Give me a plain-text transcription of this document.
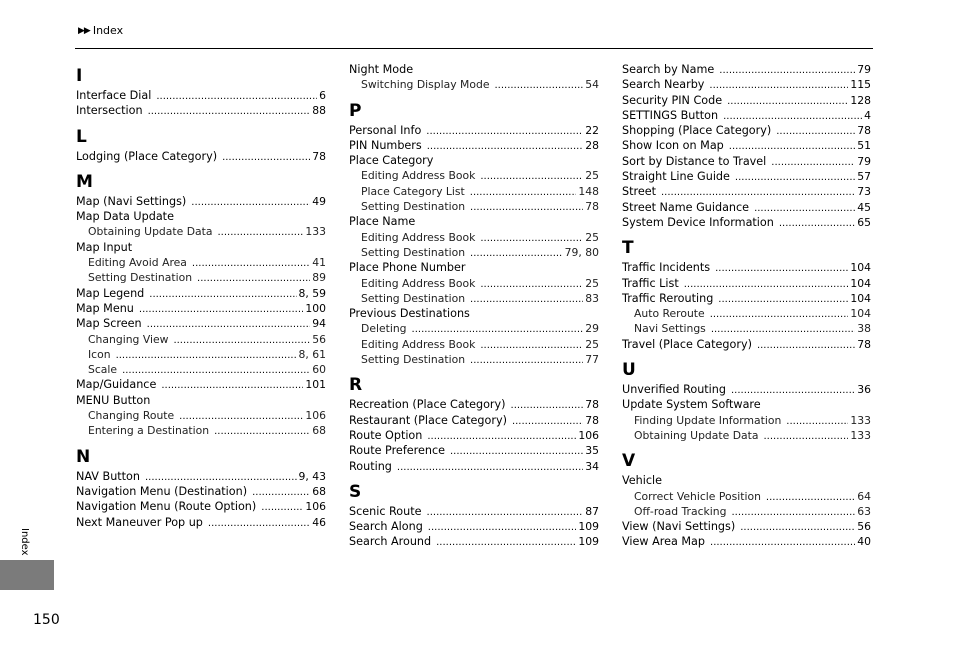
▶▶ Index
I
Interface Dial .....	6
Intersection .....	88
L
Lodging (Place Category) .....	78
M
Map (Navi Settings) .....	49
Map Data Update
Obtaining Update Data .....	133
Map Input
Editing Avoid Area .....	41
Setting Destination .....	89
Map Legend .....	8, 59
Map Menu .....	100
Map Screen .....	94
Changing View .....	56
Icon .....	8, 61
Scale .....	60
Map/Guidance .....	101
MENU Button
Changing Route .....	106
Entering a Destination .....	68
N
NAV Button .....	9, 43
Navigation Menu (Destination) .....	68
Navigation Menu (Route Option) .....	106
Next Maneuver Pop up .....	46
Night Mode
Switching Display Mode .....	54
P
Personal Info .....	22
PIN Numbers .....	28
Place Category
Editing Address Book .....	25
Place Category List .....	148
Setting Destination .....	78
Place Name
Editing Address Book .....	25
Setting Destination .....	79, 80
Place Phone Number
Editing Address Book .....	25
Setting Destination .....	83
Previous Destinations
Deleting .....	29
Editing Address Book .....	25
Setting Destination .....	77
R
Recreation (Place Category) .....	78
Restaurant (Place Category) .....	78
Route Option .....	106
Route Preference .....	35
Routing .....	34
S
Scenic Route .....	87
Search Along .....	109
Search Around .....	109
Search by Name .....	79
Search Nearby .....	115
Security PIN Code .....	128
SETTINGS Button .....	4
Shopping (Place Category) .....	78
Show Icon on Map .....	51
Sort by Distance to Travel .....	79
Straight Line Guide .....	57
Street .....	73
Street Name Guidance .....	45
System Device Information .....	65
T
Traffic Incidents .....	104
Traffic List .....	104
Traffic Rerouting .....	104
Auto Reroute .....	104
Navi Settings .....	38
Travel (Place Category) .....	78
U
Unverified Routing .....	36
Update System Software
Finding Update Information .....	133
Obtaining Update Data .....	133
V
Vehicle
Correct Vehicle Position .....	64
Off-road Tracking .....	63
View (Navi Settings) .....	56
View Area Map .....	40
Index
150
